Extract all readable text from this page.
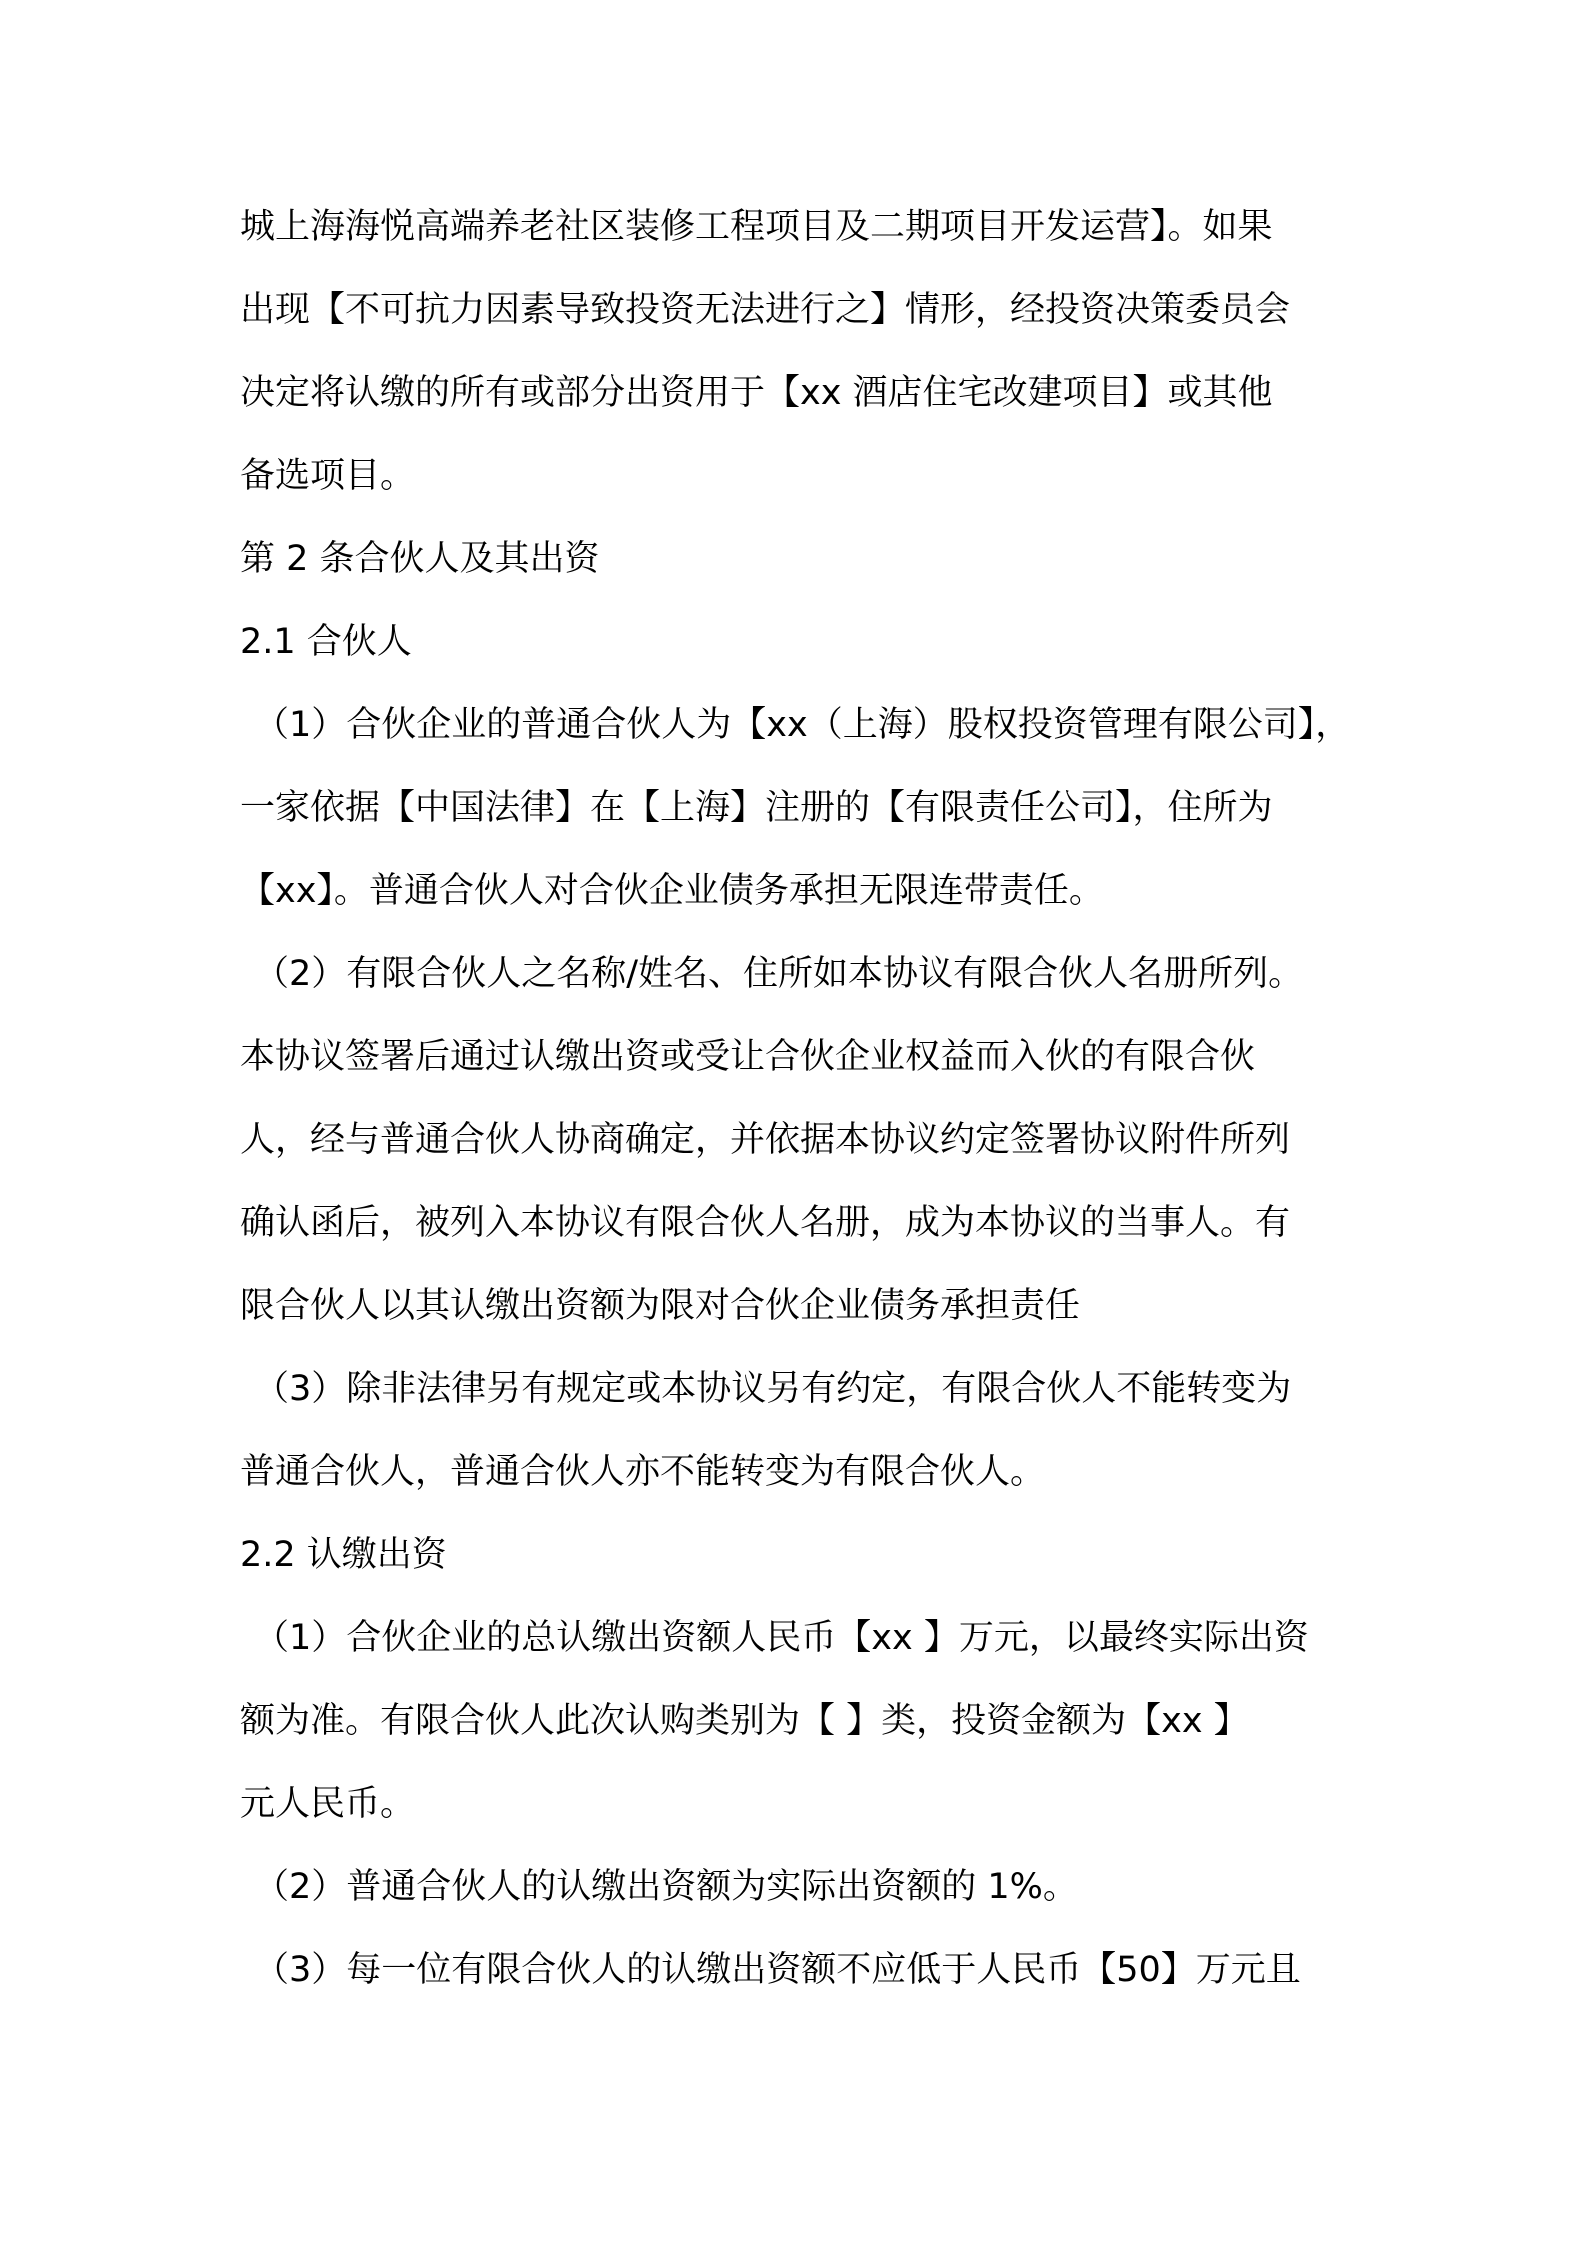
城上海海悦高端养老社区装修工程项目及二期项目开发运营】。如果

出现【不可抗力因素导致投资无法进行之】情形，经投资决策委员会

决定将认缴的所有或部分出资用于【xx 酒店住宅改建项目】或其他

备选项目。

第 2 条合伙人及其出资

2.1 合伙人

（1）合伙企业的普通合伙人为【xx（上海）股权投资管理有限公司】，

一家依据【中国法律】在【上海】注册的【有限责任公司】，住所为

【xx】。普通合伙人对合伙企业债务承担无限连带责任。

（2）有限合伙人之名称/姓名、住所如本协议有限合伙人名册所列。

本协议签署后通过认缴出资或受让合伙企业权益而入伙的有限合伙

人，经与普通合伙人协商确定，并依据本协议约定签署协议附件所列

确认函后，被列入本协议有限合伙人名册，成为本协议的当事人。有

限合伙人以其认缴出资额为限对合伙企业债务承担责任

（3）除非法律另有规定或本协议另有约定，有限合伙人不能转变为

普通合伙人，普通合伙人亦不能转变为有限合伙人。

2.2 认缴出资

（1）合伙企业的总认缴出资额人民币【xx 】万元，以最终实际出资

额为准。有限合伙人此次认购类别为【 】类，投资金额为【xx 】

元人民币。

（2）普通合伙人的认缴出资额为实际出资额的 1%。

（3）每一位有限合伙人的认缴出资额不应低于人民币【50】万元且
